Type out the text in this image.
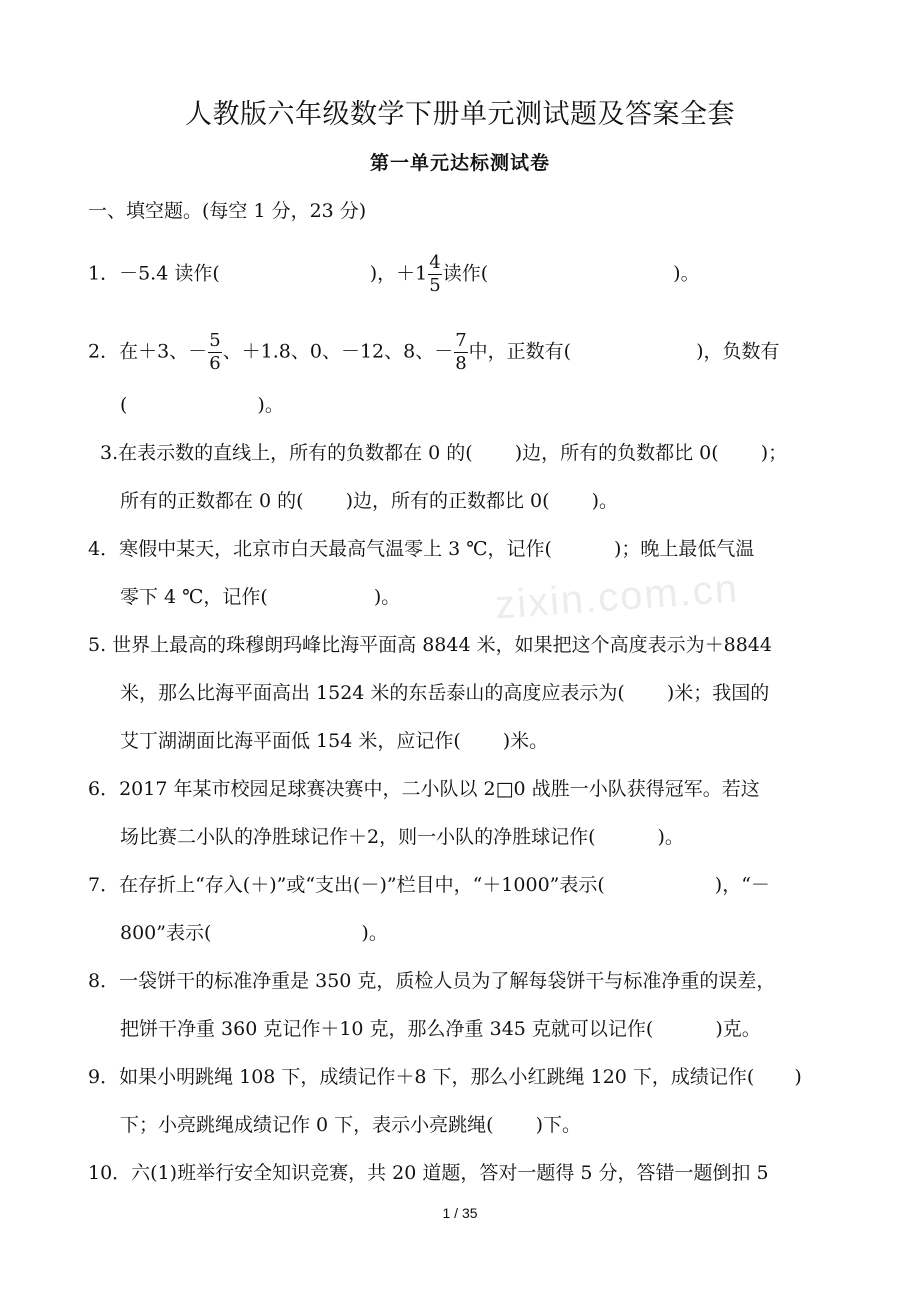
人教版六年级数学下册单元测试题及答案全套
第一单元达标测试卷
一、填空题。(每空 1 分，23 分)
1．－5.4 读作(	)，$+1 \frac{4}{5}$ 读作(	)。
2．在＋3、－ $\frac{5}{6}$ 、＋1.8、0、－12、8、－ $\frac{7}{8}$ 中，正数有(	)，负数有
(	)。
3.在表示数的直线上，所有的负数都在 0 的( )边，所有的负数都比 0( )；
所有的正数都在 0 的( )边，所有的正数都比 0( )。
4．寒假中某天，北京市白天最高气温零上 3 ℃，记作(	)；晚上最低气温
零下 4 ℃，记作(	)。
5. 世界上最高的珠穆朗玛峰比海平面高 8844 米，如果把这个高度表示为＋8844
米，那么比海平面高出 1524 米的东岳泰山的高度应表示为( )米；我国的
艾丁湖湖面比海平面低 154 米，应记作( )米。
6．2017 年某市校园足球赛决赛中，二小队以 2□0 战胜一小队获得冠军。若这
场比赛二小队的净胜球记作＋2，则一小队的净胜球记作(	)。
7．在存折上“存入(＋)”或“支出(－)”栏目中，“＋1000”表示(	)，“－
800”表示(	)。
8．一袋饼干的标准净重是 350 克，质检人员为了解每袋饼干与标准净重的误差，
把饼干净重 360 克记作＋10 克，那么净重 345 克就可以记作(	)克。
9．如果小明跳绳 108 下，成绩记作＋8 下，那么小红跳绳 120 下，成绩记作( )
下；小亮跳绳成绩记作 0 下，表示小亮跳绳( )下。
10．六(1)班举行安全知识竞赛，共 20 道题，答对一题得 5 分，答错一题倒扣 5
zixin.com.cn
1 / 35
